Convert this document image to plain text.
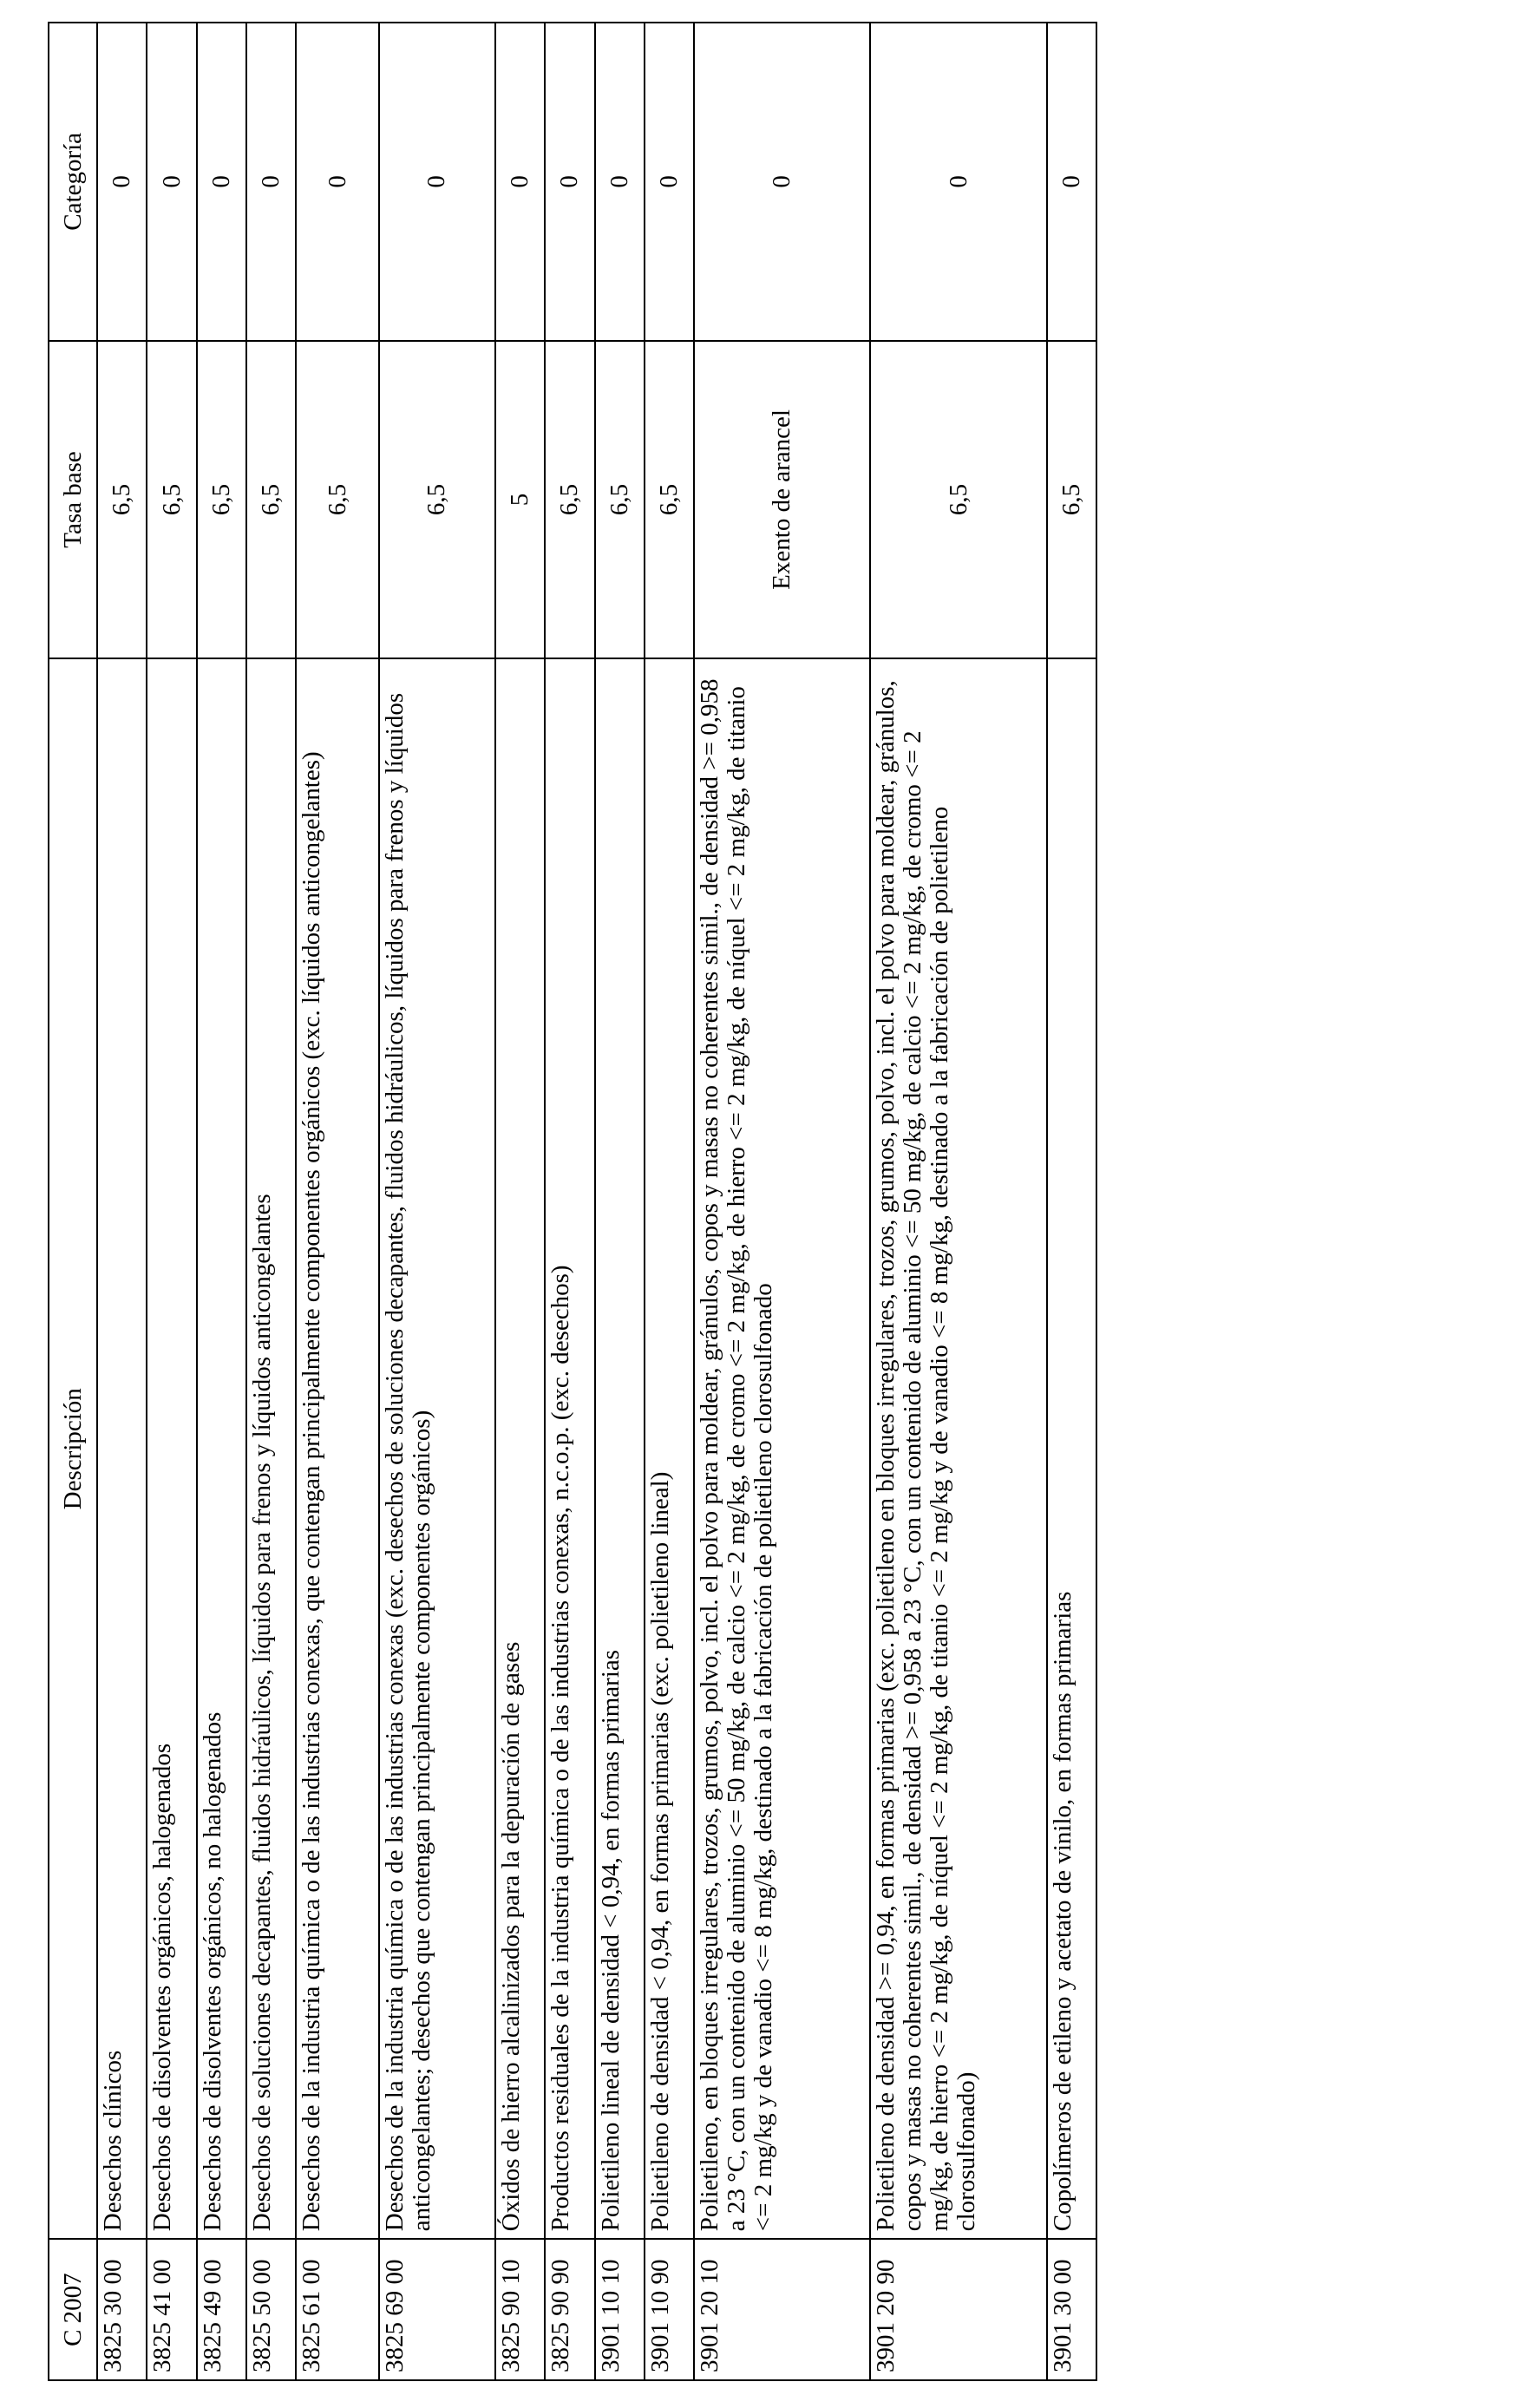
C 2007	Descripción	Tasa base	Categoría
3825 30 00	Desechos clínicos	6,5	0
3825 41 00	Desechos de disolventes orgánicos, halogenados	6,5	0
3825 49 00	Desechos de disolventes orgánicos, no halogenados	6,5	0
3825 50 00	Desechos de soluciones decapantes, fluidos hidráulicos, líquidos para frenos y líquidos anticongelantes	6,5	0
3825 61 00	Desechos de la industria química o de las industrias conexas, que contengan principalmente componentes orgánicos (exc. líquidos anticongelantes)	6,5	0
3825 69 00	Desechos de la industria química o de las industrias conexas (exc. desechos de soluciones decapantes, fluidos hidráulicos, líquidos para frenos y líquidos anticongelantes; desechos que contengan principalmente componentes orgánicos)	6,5	0
3825 90 10	Óxidos de hierro alcalinizados para la depuración de gases	5	0
3825 90 90	Productos residuales de la industria química o de las industrias conexas, n.c.o.p. (exc. desechos)	6,5	0
3901 10 10	Polietileno lineal de densidad < 0,94, en formas primarias	6,5	0
3901 10 90	Polietileno de densidad < 0,94, en formas primarias (exc. polietileno lineal)	6,5	0
3901 20 10	Polietileno, en bloques irregulares, trozos, grumos, polvo, incl. el polvo para moldear, gránulos, copos y masas no coherentes simil., de densidad >= 0,958 a 23 °C, con un contenido de aluminio <= 50 mg/kg, de calcio <= 2 mg/kg, de cromo <= 2 mg/kg, de hierro <= 2 mg/kg, de níquel <= 2 mg/kg, de titanio <= 2 mg/kg y de vanadio <= 8 mg/kg, destinado a la fabricación de polietileno clorosulfonado	Exento de arancel	0
3901 20 90	Polietileno de densidad >= 0,94, en formas primarias (exc. polietileno en bloques irregulares, trozos, grumos, polvo, incl. el polvo para moldear, gránulos, copos y masas no coherentes simil., de densidad >= 0,958 a 23 °C, con un contenido de aluminio <= 50 mg/kg, de calcio <= 2 mg/kg, de cromo <= 2 mg/kg, de hierro <= 2 mg/kg, de níquel <= 2 mg/kg, de titanio <= 2 mg/kg y de vanadio <= 8 mg/kg, destinado a la fabricación de polietileno clorosulfonado)	6,5	0
3901 30 00	Copolímeros de etileno y acetato de vinilo, en formas primarias	6,5	0
